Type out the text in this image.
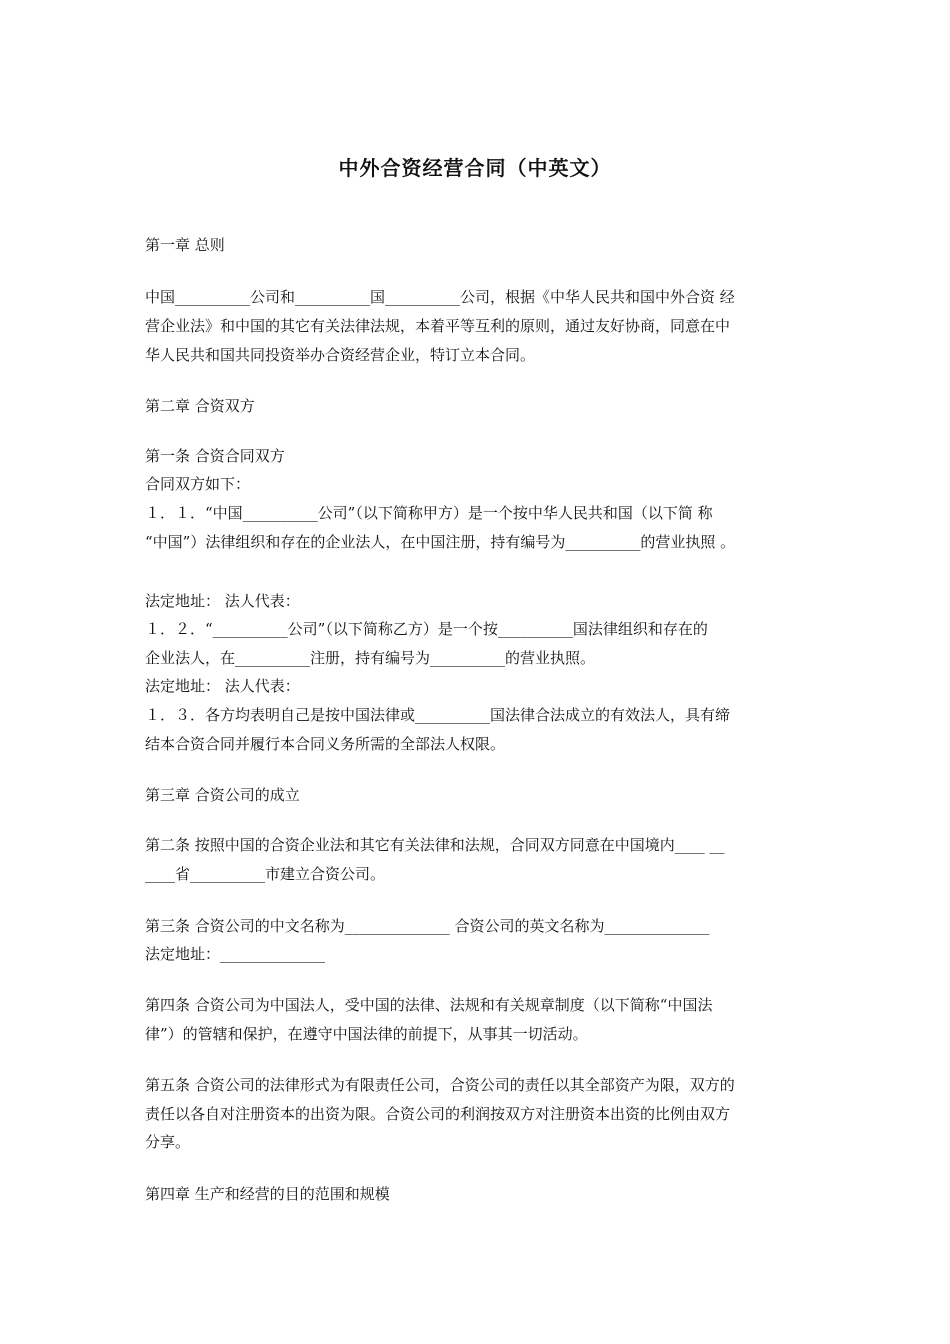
中外合资经营合同（中英文）

第一章 总则

中国__________公司和__________国__________公司，根据《中华人民共和国中外合资 经

营企业法》和中国的其它有关法律法规，本着平等互利的原则，通过友好协商，同意在中

华人民共和国共同投资举办合资经营企业，特订立本合同。

第二章 合资双方

第一条 合资合同双方

合同双方如下：

１．１．“中国__________公司”（以下简称甲方）是一个按中华人民共和国（以下简 称

“中国”）法律组织和存在的企业法人，在中国注册，持有编号为__________的营业执照 。

法定地址： 法人代表：

１．２．“__________公司”（以下简称乙方）是一个按__________国法律组织和存在的

企业法人，在__________注册，持有编号为__________的营业执照。

法定地址： 法人代表：

１．３．各方均表明自己是按中国法律或__________国法律合法成立的有效法人，具有缔

结本合资合同并履行本合同义务所需的全部法人权限。

第三章 合资公司的成立

第二条 按照中国的合资企业法和其它有关法律和法规，合同双方同意在中国境内____ __

____省__________市建立合资公司。

第三条 合资公司的中文名称为______________ 合资公司的英文名称为______________

法定地址：______________

第四条 合资公司为中国法人，受中国的法律、法规和有关规章制度（以下简称“中国法

律”）的管辖和保护，在遵守中国法律的前提下，从事其一切活动。

第五条 合资公司的法律形式为有限责任公司，合资公司的责任以其全部资产为限，双方的

责任以各自对注册资本的出资为限。合资公司的利润按双方对注册资本出资的比例由双方

分享。

第四章 生产和经营的目的范围和规模
